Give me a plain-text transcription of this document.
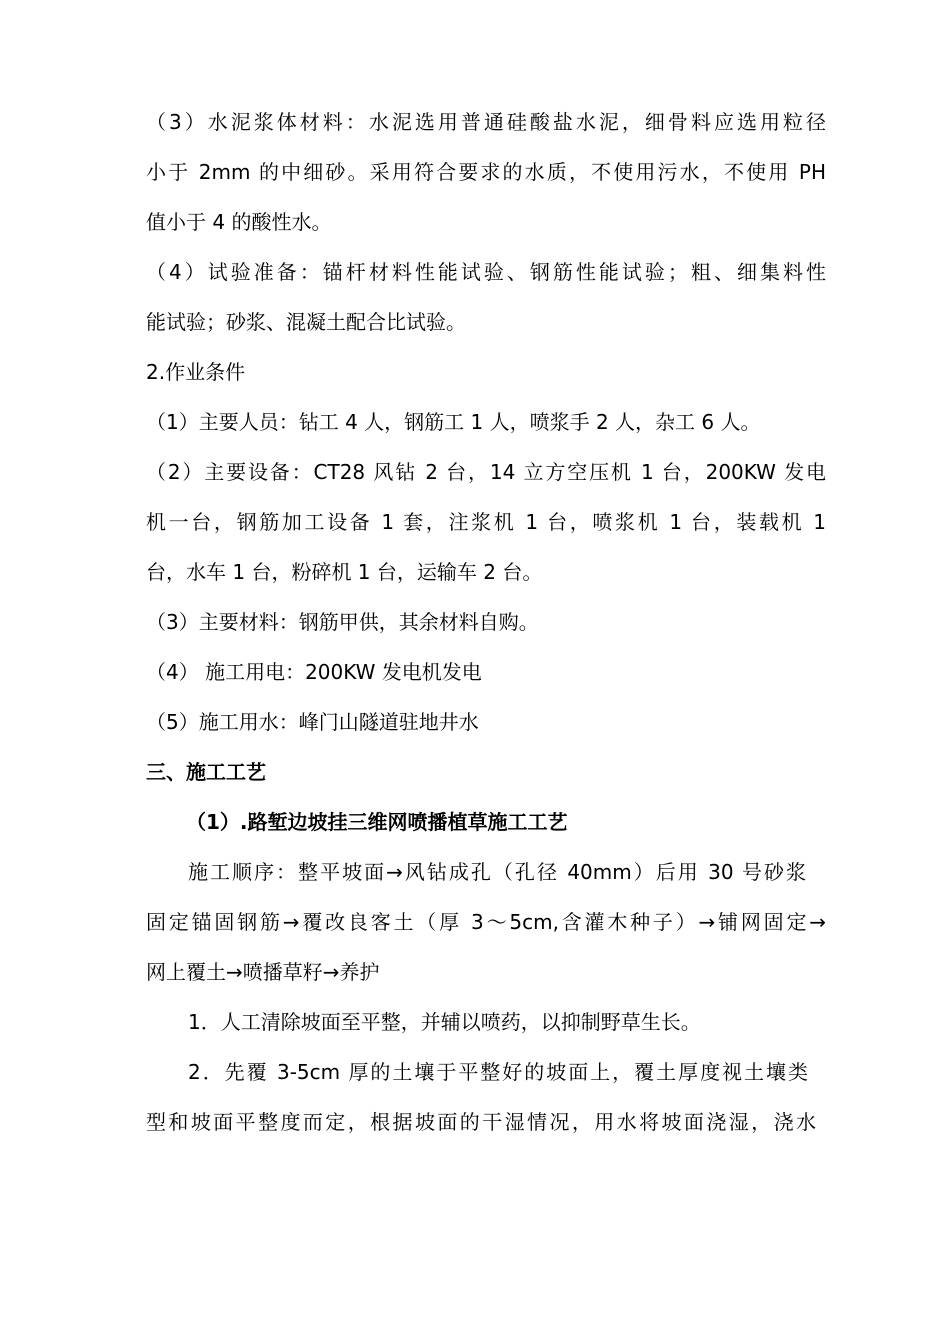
（3）水泥浆体材料：水泥选用普通硅酸盐水泥，细骨料应选用粒径
小于 2mm 的中细砂。采用符合要求的水质，不使用污水，不使用 PH
值小于 4 的酸性水。
（4）试验准备：锚杆材料性能试验、钢筋性能试验；粗、细集料性
能试验；砂浆、混凝土配合比试验。
2.作业条件
（1）主要人员：钻工 4 人，钢筋工 1 人，喷浆手 2 人，杂工 6 人。
（2）主要设备：CT28 风钻 2 台，14 立方空压机 1 台，200KW 发电
机一台，钢筋加工设备 1 套，注浆机 1 台，喷浆机 1 台，装载机 1
台，水车 1 台，粉碎机 1 台，运输车 2 台。
（3）主要材料：钢筋甲供，其余材料自购。
（4） 施工用电：200KW 发电机发电
（5）施工用水：峰门山隧道驻地井水
三、施工工艺
（1）.路堑边坡挂三维网喷播植草施工工艺
施工顺序：整平坡面→风钻成孔（孔径 40mm）后用 30 号砂浆
固定锚固钢筋→覆改良客土（厚 3～5cm,含灌木种子）→铺网固定→
网上覆土→喷播草籽→养护
1．人工清除坡面至平整，并辅以喷药，以抑制野草生长。
2．先覆 3-5cm 厚的土壤于平整好的坡面上，覆土厚度视土壤类
型和坡面平整度而定，根据坡面的干湿情况，用水将坡面浇湿，浇水
